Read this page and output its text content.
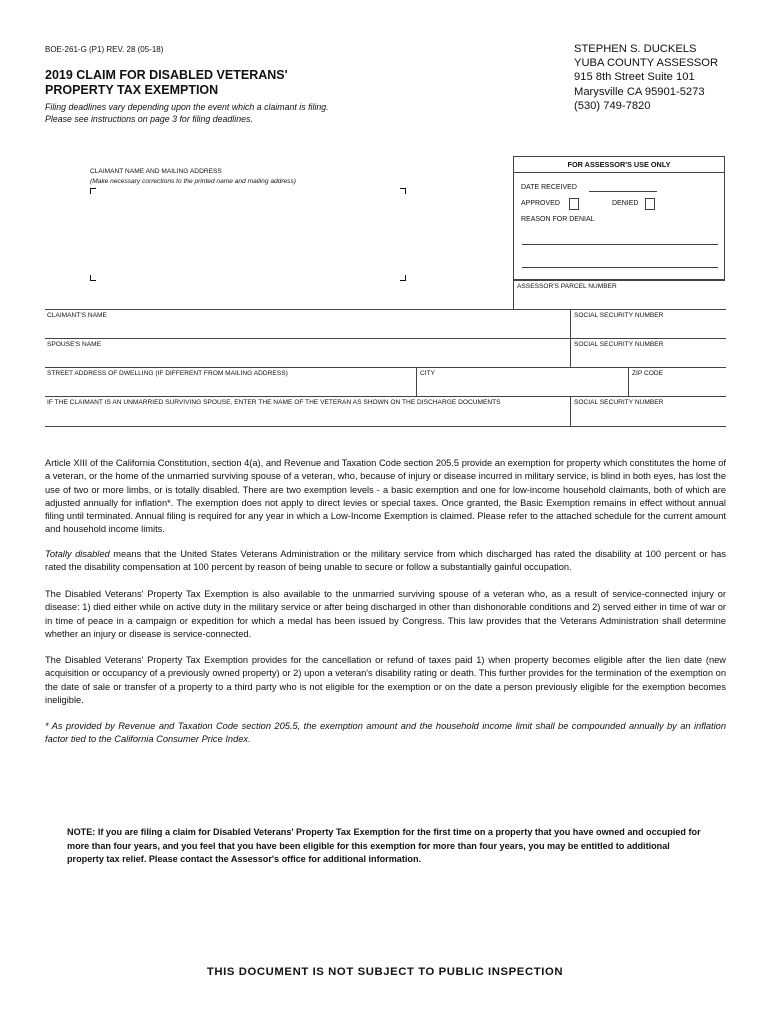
BOE-261-G (P1) REV. 28 (05-18)
2019 CLAIM FOR DISABLED VETERANS'
PROPERTY TAX EXEMPTION
Filing deadlines vary depending upon the event which a claimant is filing.
Please see instructions on page 3 for filing deadlines.
STEPHEN S. DUCKELS
YUBA COUNTY ASSESSOR
915 8th Street Suite 101
Marysville CA 95901-5273
(530) 749-7820
CLAIMANT NAME AND MAILING ADDRESS
(Make necessary corrections to the printed name and mailing address)
FOR ASSESSOR'S USE ONLY
DATE RECEIVED
APPROVED	DENIED
REASON FOR DENIAL
ASSESSOR'S PARCEL NUMBER
CLAIMANT'S NAME	SOCIAL SECURITY NUMBER
SPOUSE'S NAME	SOCIAL SECURITY NUMBER
STREET ADDRESS OF DWELLING (IF DIFFERENT FROM MAILING ADDRESS)	CITY	ZIP CODE
IF THE CLAIMANT IS AN UNMARRIED SURVIVING SPOUSE, ENTER THE NAME OF THE VETERAN AS SHOWN ON THE DISCHARGE DOCUMENTS	SOCIAL SECURITY NUMBER
Article XIII of the California Constitution, section 4(a), and Revenue and Taxation Code section 205.5 provide an exemption for property which constitutes the home of a veteran, or the home of the unmarried surviving spouse of a veteran, who, because of injury or disease incurred in military service, is blind in both eyes, has lost the use of two or more limbs, or is totally disabled. There are two exemption levels - a basic exemption and one for low-income household claimants, both of which are adjusted annually for inflation*. The exemption does not apply to direct levies or special taxes. Once granted, the Basic Exemption remains in effect without annual filing until terminated. Annual filing is required for any year in which a Low-Income Exemption is claimed. Please refer to the attached schedule for the current amount and household income limits.
Totally disabled means that the United States Veterans Administration or the military service from which discharged has rated the disability at 100 percent or has rated the disability compensation at 100 percent by reason of being unable to secure or follow a substantially gainful occupation.
The Disabled Veterans' Property Tax Exemption is also available to the unmarried surviving spouse of a veteran who, as a result of service-connected injury or disease: 1) died either while on active duty in the military service or after being discharged in other than dishonorable conditions and 2) served either in time of war or in time of peace in a campaign or expedition for which a medal has been issued by Congress. This law provides that the Veterans Administration shall determine whether an injury or disease is service-connected.
The Disabled Veterans' Property Tax Exemption provides for the cancellation or refund of taxes paid 1) when property becomes eligible after the lien date (new acquisition or occupancy of a previously owned property) or 2) upon a veteran's disability rating or death. This further provides for the termination of the exemption on the date of sale or transfer of a property to a third party who is not eligible for the exemption or on the date a person previously eligible for the exemption becomes ineligible.
* As provided by Revenue and Taxation Code section 205.5, the exemption amount and the household income limit shall be compounded annually by an inflation factor tied to the California Consumer Price Index.
NOTE: If you are filing a claim for Disabled Veterans' Property Tax Exemption for the first time on a property that you have owned and occupied for more than four years, and you feel that you have been eligible for this exemption for more than four years, you may be entitled to additional property tax relief. Please contact the Assessor's office for additional information.
THIS DOCUMENT IS NOT SUBJECT TO PUBLIC INSPECTION
